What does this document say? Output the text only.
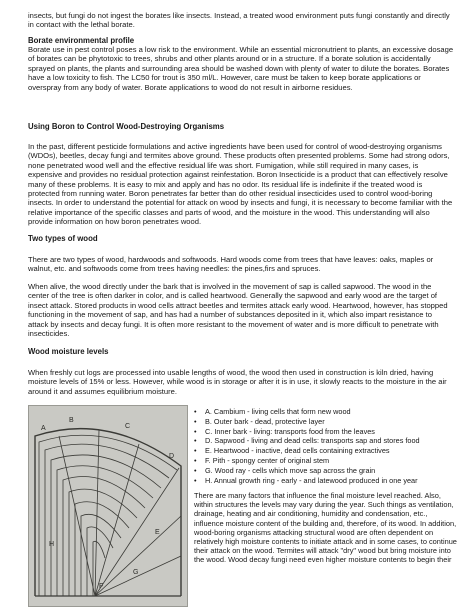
insects, but fungi do not ingest the borates like insects. Instead, a treated wood environment puts fungi constantly and directly in contact with the lethal borate.

Borate environmental profile

Borate use in pest control poses a low risk to the environment. While an essential micronutrient to plants, an excessive dosage of borates can be phytotoxic to trees, shrubs and other plants around or in a structure. If a borate solution is accidentally sprayed on plants, the plants and surrounding area should be washed down with plenty of water to dilute the borates. Borates have a low toxicity to fish. The LC50 for trout is 350 ml/L. However, care must be taken to keep borate applications or overspray from any body of water. Borate applications to wood do not result in airborne residues.

Using Boron to Control Wood-Destroying Organisms

In the past, different pesticide formulations and active ingredients have been used for control of wood-destroying organisms (WDOs), beetles, decay fungi and termites above ground. These products often presented problems. Some had strong odors, none penetrated wood well and the effective residual life was short. Fumigation, while still required in many cases, is expensive and provides no residual protection against reinfestation. Boron Insecticide is a product that can effectively resolve many of these problems. It is easy to mix and apply and has no odor. Its residual life is indefinite if the treated wood is protected from running water. Boron penetrates far better than do other residual insecticides used to control wood-boring insects. In order to understand the potential for attack on wood by insects and fungi, it is necessary to become familiar with the relative importance of the specific classes and parts of wood, and the moisture in the wood. This understanding will also provide information on how boron penetrates wood.

Two types of wood

There are two types of wood, hardwoods and softwoods. Hard woods come from trees that have leaves: oaks, maples or walnut, etc. and softwoods come from trees having needles: the pines,firs and spruces.

When alive, the wood directly under the bark that is involved in the movement of sap is called sapwood. The wood in the center of the tree is often darker in color, and is called heartwood. Generally the sapwood and early wood are the target of insect attack. Stored products in wood cells attract beetles and termites attack early wood. Heartwood, however, has stopped functioning in the movement of sap, and has had a number of substances deposited in it, which also impart resistance to attack by insects and decay fungi. It is often more resistant to the movement of water and is more difficult to penetrate with insecticides.

Wood moisture levels

When freshly cut logs are processed into usable lengths of wood, the wood then used in construction is kiln dried, having moisture levels of 15% or less. However, while wood is in storage or after it is in use, it slowly reacts to the moisture in the air around it and assumes equilibrium moisture.

A
B
C
D
E
F
G
H
• A. Cambium - living cells that form new wood
• B. Outer bark - dead, protective layer
• C. Inner bark - living: transports food from the leaves
• D. Sapwood - living and dead cells: transports sap and stores food
• E. Heartwood - inactive, dead cells containing extractives
• F. Pith - spongy center of original stem
• G. Wood ray - cells which move sap across the grain
• H. Annual growth ring - early - and latewood produced in one year

There are many factors that influence the final moisture level reached. Also, within structures the levels may vary during the year. Such things as ventilation, drainage, heating and air conditioning, humidity and condensation, etc., influence moisture content of the building and, therefore, of its wood. In addition, wood-boring organisms attacking structural wood are often dependent on relatively high moisture contents to initiate attack and in some cases, to continue their attack on the wood. Termites will attack "dry" wood but bring moisture into the wood. Wood decay fungi need even higher moisture contents to begin their
